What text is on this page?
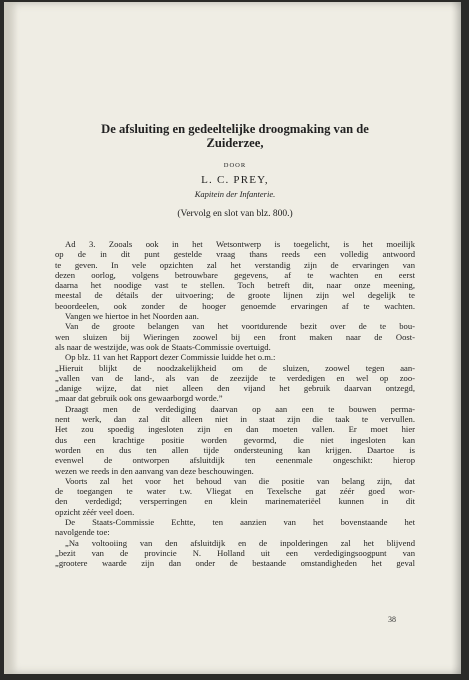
De afsluiting en gedeeltelijke droogmaking van de
Zuiderzee,

DOOR
L. C. PREY,
Kapitein der Infanterie.
(Vervolg en slot van blz. 800.)
Ad 3. Zooals ook in het Wetsontwerp is toegelicht, is het moeilijk
op de in dit punt gestelde vraag thans reeds een volledig antwoord
te geven. In vele opzichten zal het verstandig zijn de ervaringen van
dezen oorlog, volgens betrouwbare gegevens, af te wachten en eerst
daarna het noodige vast te stellen. Toch betreft dit, naar onze meening,
meestal de détails der uitvoering; de groote lijnen zijn wel degelijk te
beoordeelen, ook zonder de hooger genoemde ervaringen af te wachten.
Vangen we hiertoe in het Noorden aan.
Van de groote belangen van het voortdurende bezit over de te bou-
wen sluizen bij Wieringen zoowel bij een front maken naar de Oost-
als naar de westzijde, was ook de Staats-Commissie overtuigd.
Op blz. 11 van het Rapport dezer Commissie luidde het o.m.:
„Hieruit blijkt de noodzakelijkheid om de sluizen, zoowel tegen aan-
„vallen van de land-, als van de zeezijde te verdedigen en wel op zoo-
„danige wijze, dat niet alleen den vijand het gebruik daarvan ontzegd,
„maar dat gebruik ook ons gewaarborgd worde.”
Draagt men de verdediging daarvan op aan een te bouwen perma-
nent werk, dan zal dit alleen niet in staat zijn die taak te vervullen.
Het zou spoedig ingesloten zijn en dan moeten vallen. Er moet hier
dus een krachtige positie worden gevormd, die niet ingesloten kan
worden en dus ten allen tijde ondersteuning kan krijgen. Daartoe is
evenwel de ontworpen afsluitdijk ten eenenmale ongeschikt: hierop
wezen we reeds in den aanvang van deze beschouwingen.
Voorts zal het voor het behoud van die positie van belang zijn, dat
de toegangen te water t.w. Vliegat en Texelsche gat zéér goed wor-
den verdedigd; versperringen en klein marinemateriëel kunnen in dit
opzicht zéér veel doen.
De Staats-Commissie Echtte, ten aanzien van het bovenstaande het
navolgende toe:
„Na voltooiing van den afsluitdijk en de inpolderingen zal het blijvend
„bezit van de provincie N. Holland uit een verdedigingsoogpunt van
„grootere waarde zijn dan onder de bestaande omstandigheden het geval
38
